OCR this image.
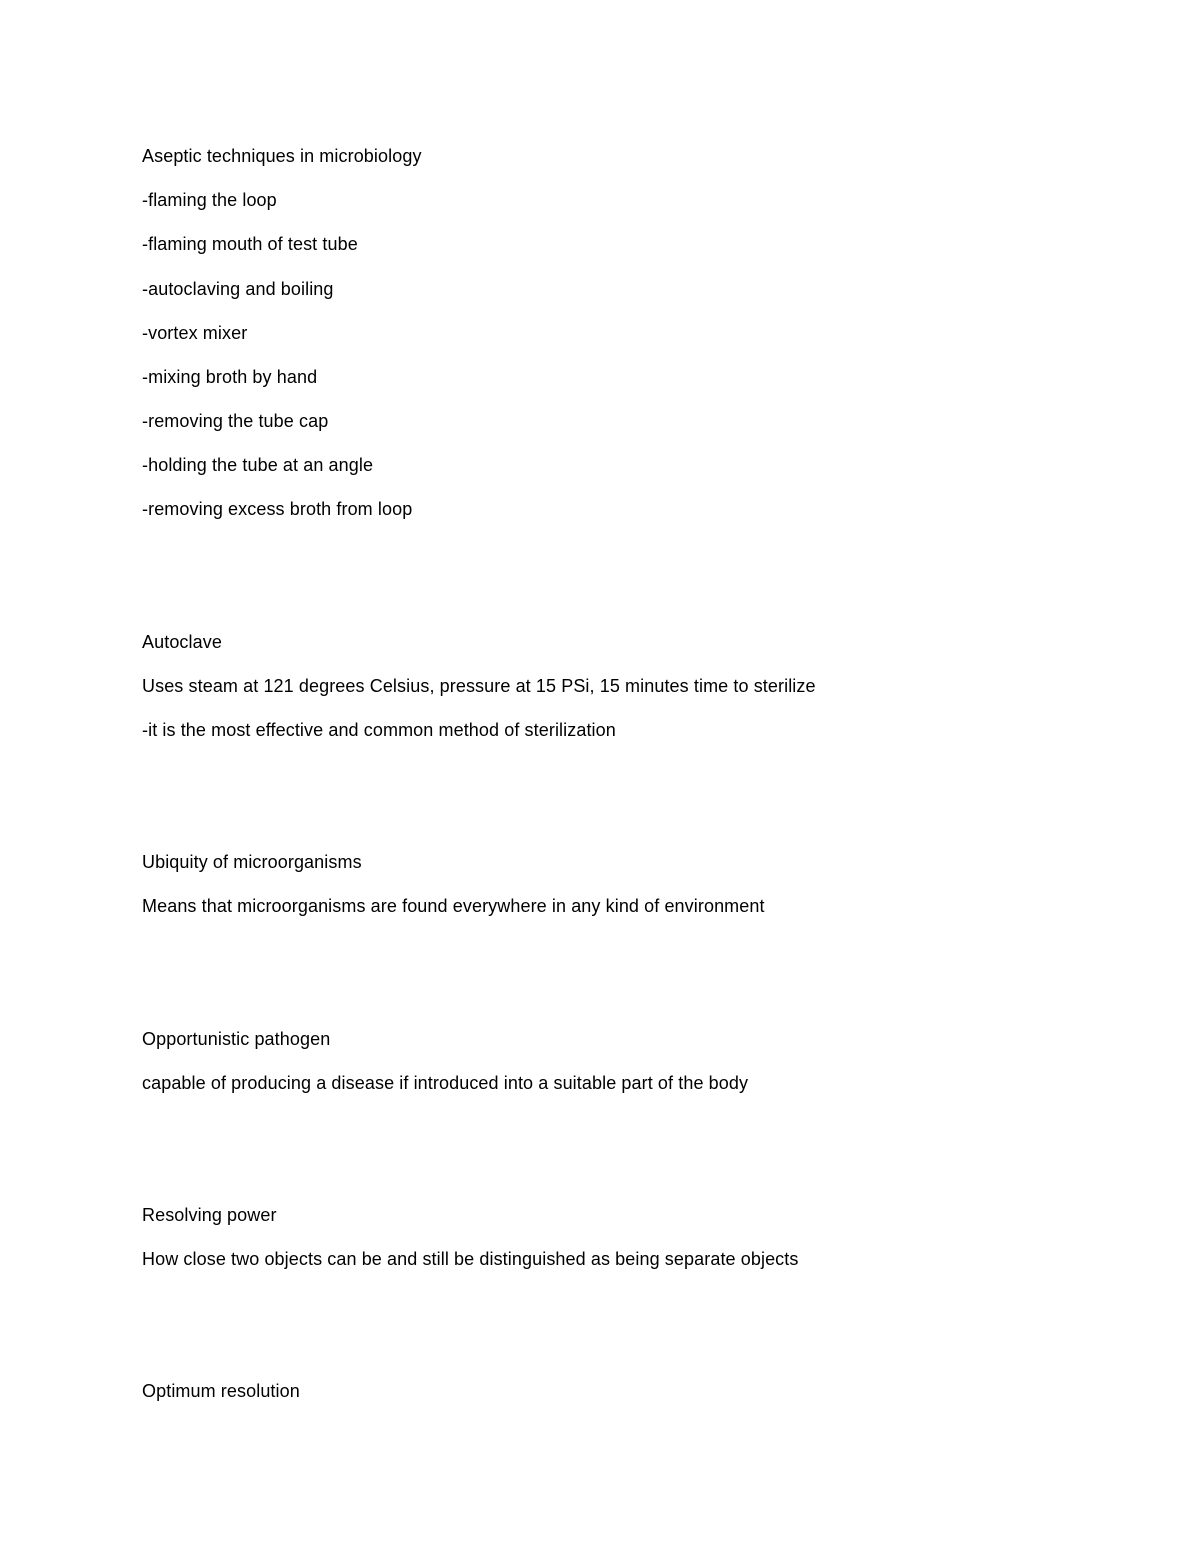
Aseptic techniques in microbiology
-flaming the loop
-flaming mouth of test tube
-autoclaving and boiling
-vortex mixer
-mixing broth by hand
-removing the tube cap
-holding the tube at an angle
-removing excess broth from loop
Autoclave
Uses steam at 121 degrees Celsius, pressure at 15 PSi, 15 minutes time to sterilize
-it is the most effective and common method of sterilization
Ubiquity of microorganisms
Means that microorganisms are found everywhere in any kind of environment
Opportunistic pathogen
capable of producing a disease if introduced into a suitable part of the body
Resolving power
How close two objects can be and still be distinguished as being separate objects
Optimum resolution
